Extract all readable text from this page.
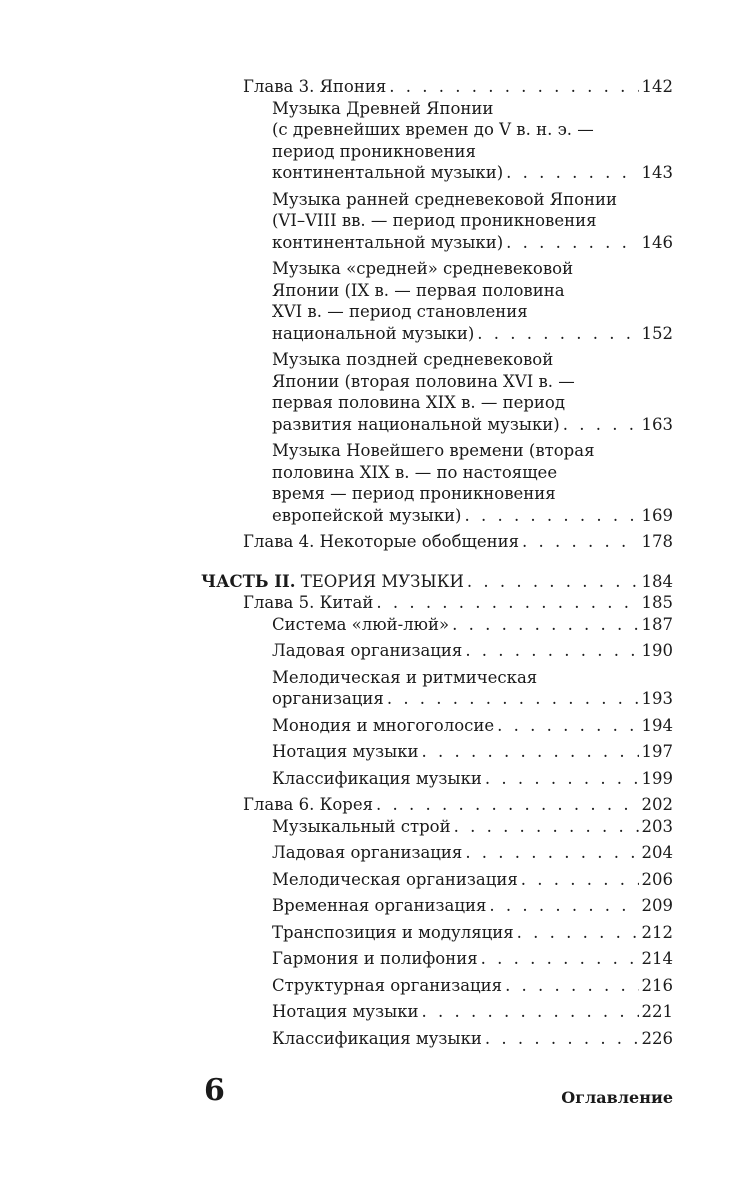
Глава 3. Япония . . .	142
Музыка Древней Японии
(с древнейших времен до V в. н. э. —
период проникновения
континентальной музыки) . . .	143
Музыка ранней средневековой Японии
(VI–VIII вв. — период проникновения
континентальной музыки) . . .	146
Музыка «средней» средневековой
Японии (IX в. — первая половина
XVI в. — период становления
национальной музыки) . . .	152
Музыка поздней средневековой
Японии (вторая половина XVI в. —
первая половина XIX в. — период
развития национальной музыки) . . .	163
Музыка Новейшего времени (вторая
половина XIX в. — по настоящее
время — период проникновения
европейской музыки) . . .	169
Глава 4. Некоторые обобщения . . .	178
ЧАСТЬ II.
ТЕОРИЯ МУЗЫКИ . . .	184
Глава 5. Китай . . .	185
Система «люй-люй» . . .	187
Ладовая организация . . .	190
Мелодическая и ритмическая
организация . . .	193
Монодия и многоголосие . . .	194
Нотация музыки . . .	197
Классификация музыки . . .	199
Глава 6. Корея . . .	202
Музыкальный строй . . .	203
Ладовая организация . . .	204
Мелодическая организация . . .	206
Временная организация . . .	209
Транспозиция и модуляция . . .	212
Гармония и полифония . . .	214
Структурная организация . . .	216
Нотация музыки . . .	221
Классификация музыки . . .	226
6	Оглавление
